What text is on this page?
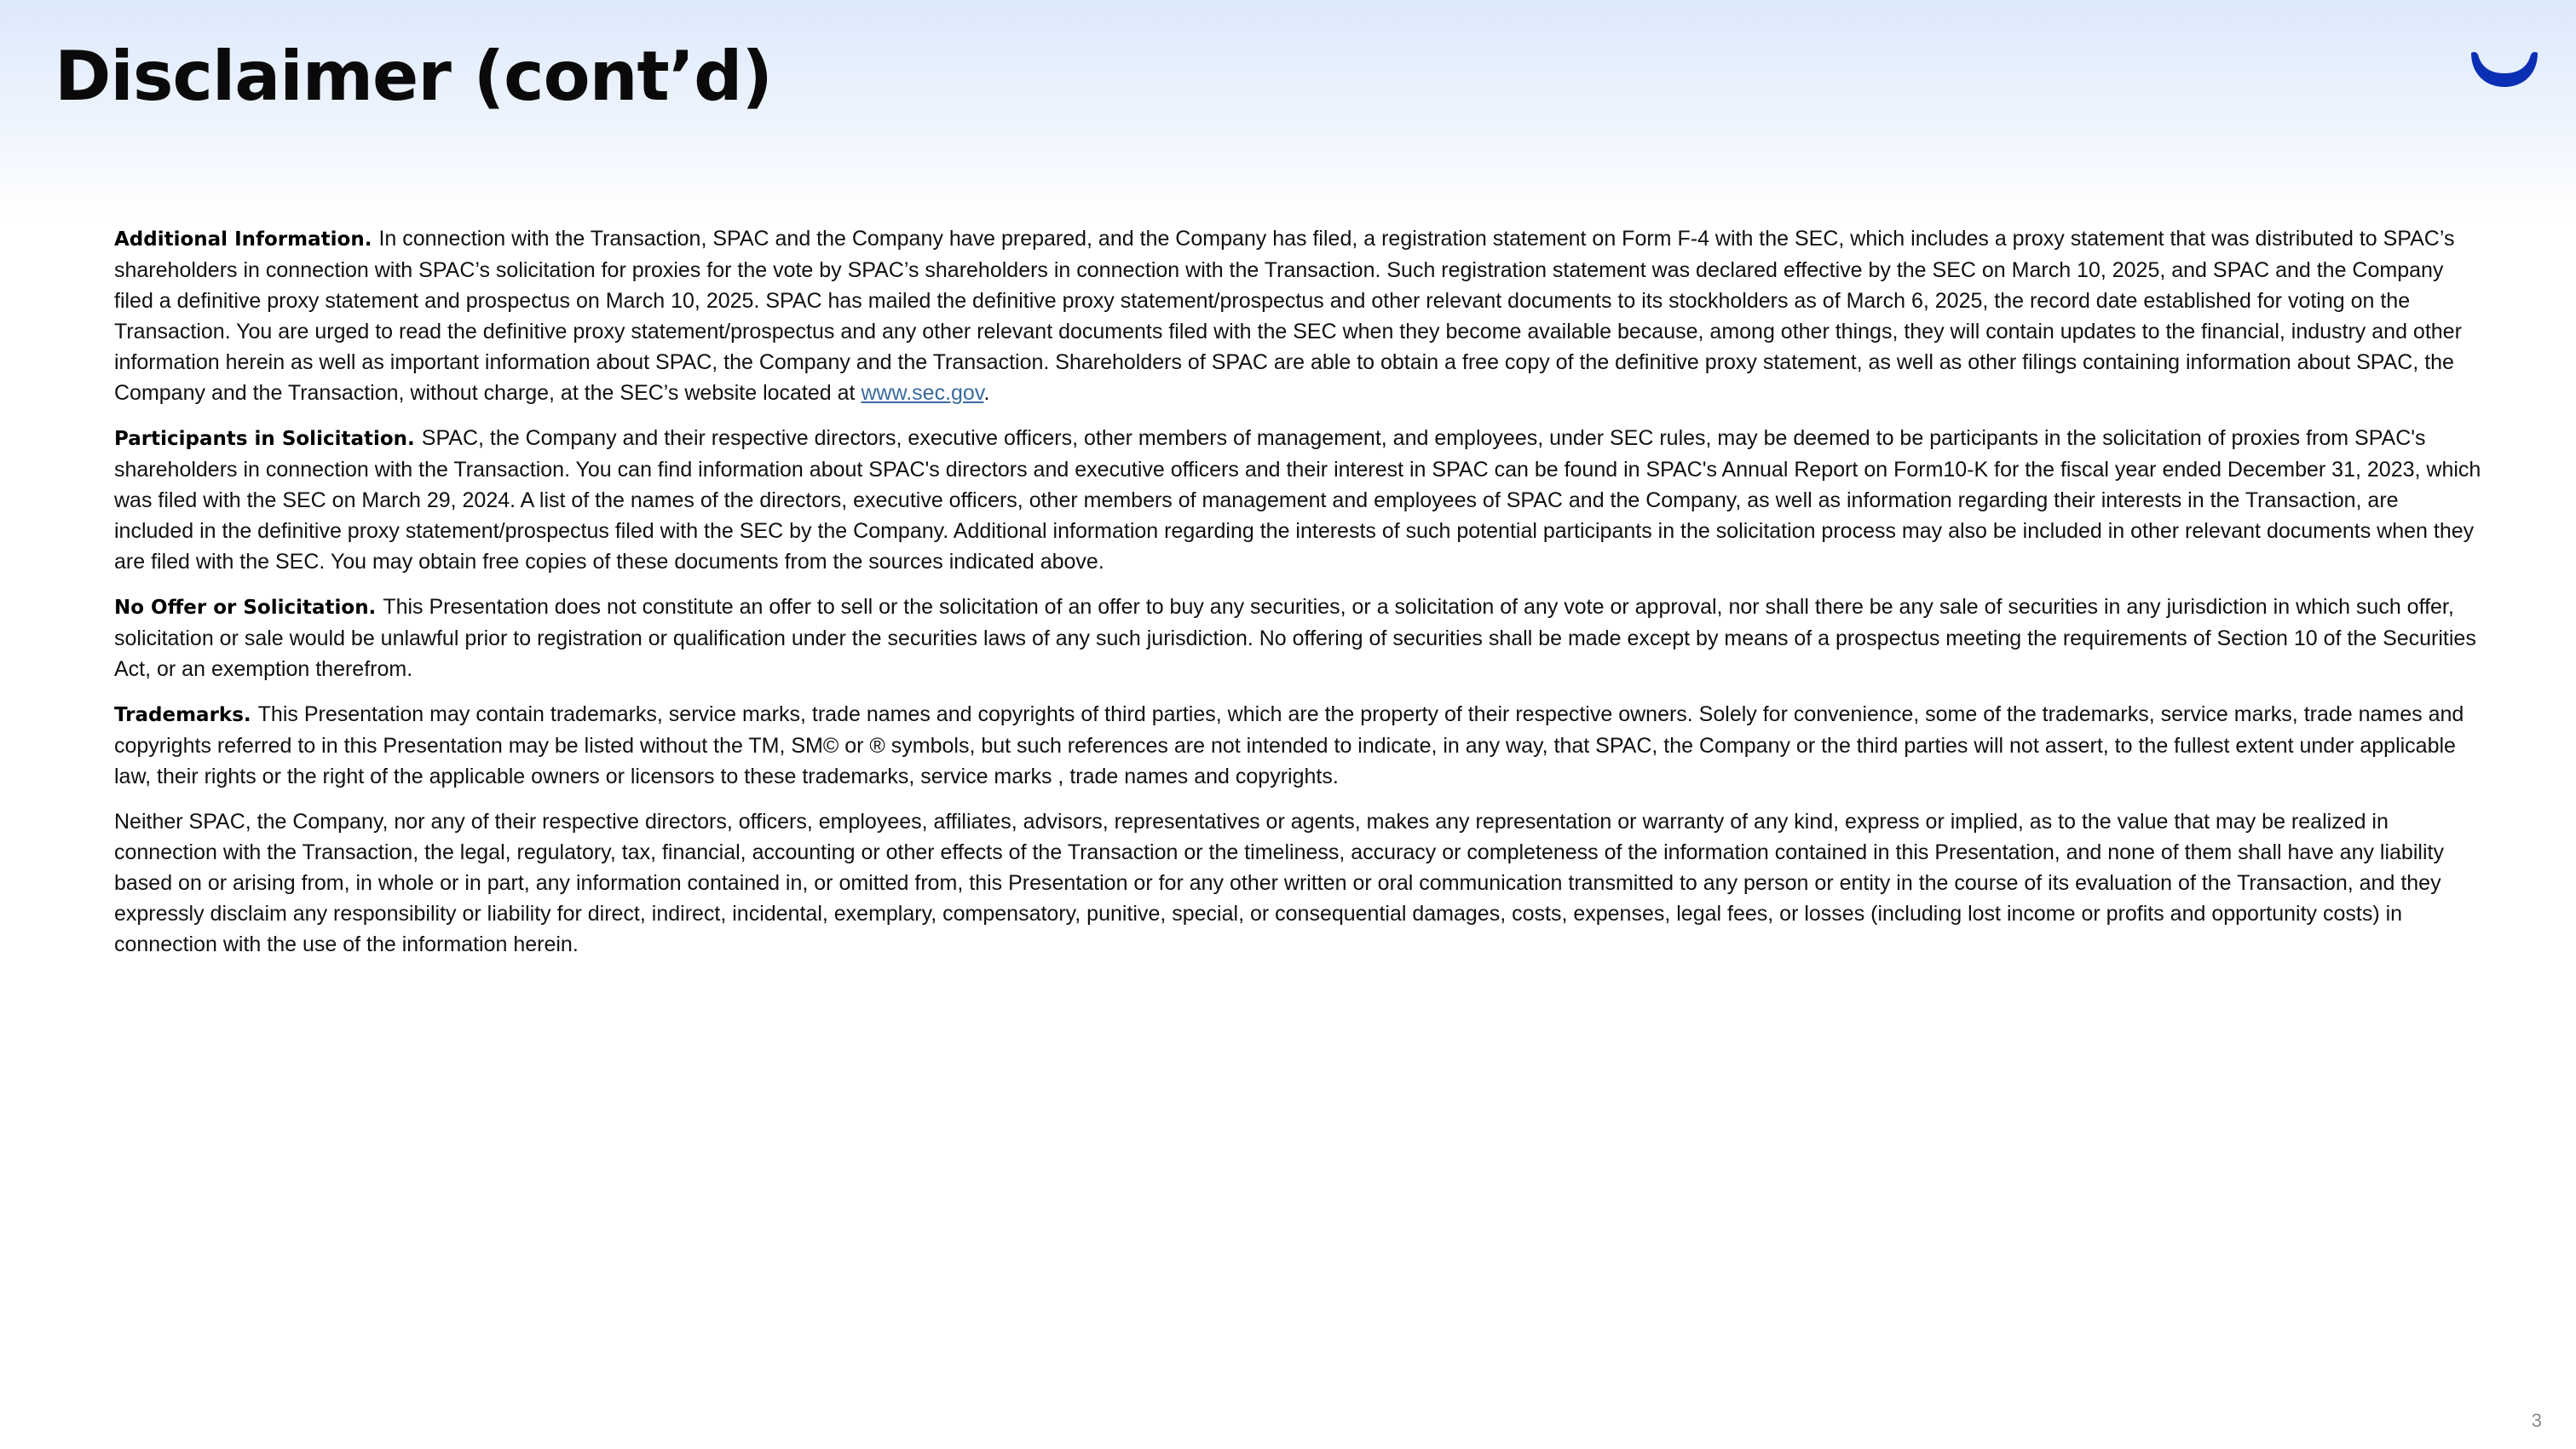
Disclaimer (cont’d)

Additional Information. In connection with the Transaction, SPAC and the Company have prepared, and the Company has filed, a registration statement on Form F-4 with the SEC, which includes a proxy statement that was distributed to SPAC’s shareholders in connection with SPAC’s solicitation for proxies for the vote by SPAC’s shareholders in connection with the Transaction. Such registration statement was declared effective by the SEC on March 10, 2025, and SPAC and the Company filed a definitive proxy statement and prospectus on March 10, 2025. SPAC has mailed the definitive proxy statement/prospectus and other relevant documents to its stockholders as of March 6, 2025, the record date established for voting on the Transaction. You are urged to read the definitive proxy statement/prospectus and any other relevant documents filed with the SEC when they become available because, among other things, they will contain updates to the financial, industry and other information herein as well as important information about SPAC, the Company and the Transaction. Shareholders of SPAC are able to obtain a free copy of the definitive proxy statement, as well as other filings containing information about SPAC, the Company and the Transaction, without charge, at the SEC’s website located at www.sec.gov.

Participants in Solicitation. SPAC, the Company and their respective directors, executive officers, other members of management, and employees, under SEC rules, may be deemed to be participants in the solicitation of proxies from SPAC's shareholders in connection with the Transaction. You can find information about SPAC's directors and executive officers and their interest in SPAC can be found in SPAC's Annual Report on Form10-K for the fiscal year ended December 31, 2023, which was filed with the SEC on March 29, 2024. A list of the names of the directors, executive officers, other members of management and employees of SPAC and the Company, as well as information regarding their interests in the Transaction, are included in the definitive proxy statement/prospectus filed with the SEC by the Company. Additional information regarding the interests of such potential participants in the solicitation process may also be included in other relevant documents when they are filed with the SEC. You may obtain free copies of these documents from the sources indicated above.

No Offer or Solicitation. This Presentation does not constitute an offer to sell or the solicitation of an offer to buy any securities, or a solicitation of any vote or approval, nor shall there be any sale of securities in any jurisdiction in which such offer, solicitation or sale would be unlawful prior to registration or qualification under the securities laws of any such jurisdiction. No offering of securities shall be made except by means of a prospectus meeting the requirements of Section 10 of the Securities Act, or an exemption therefrom.

Trademarks. This Presentation may contain trademarks, service marks, trade names and copyrights of third parties, which are the property of their respective owners. Solely for convenience, some of the trademarks, service marks, trade names and copyrights referred to in this Presentation may be listed without the TM, SM© or ® symbols, but such references are not intended to indicate, in any way, that SPAC, the Company or the third parties will not assert, to the fullest extent under applicable law, their rights or the right of the applicable owners or licensors to these trademarks, service marks , trade names and copyrights.

Neither SPAC, the Company, nor any of their respective directors, officers, employees, affiliates, advisors, representatives or agents, makes any representation or warranty of any kind, express or implied, as to the value that may be realized in connection with the Transaction, the legal, regulatory, tax, financial, accounting or other effects of the Transaction or the timeliness, accuracy or completeness of the information contained in this Presentation, and none of them shall have any liability based on or arising from, in whole or in part, any information contained in, or omitted from, this Presentation or for any other written or oral communication transmitted to any person or entity in the course of its evaluation of the Transaction, and they expressly disclaim any responsibility or liability for direct, indirect, incidental, exemplary, compensatory, punitive, special, or consequential damages, costs, expenses, legal fees, or losses (including lost income or profits and opportunity costs) in connection with the use of the information herein.

3
